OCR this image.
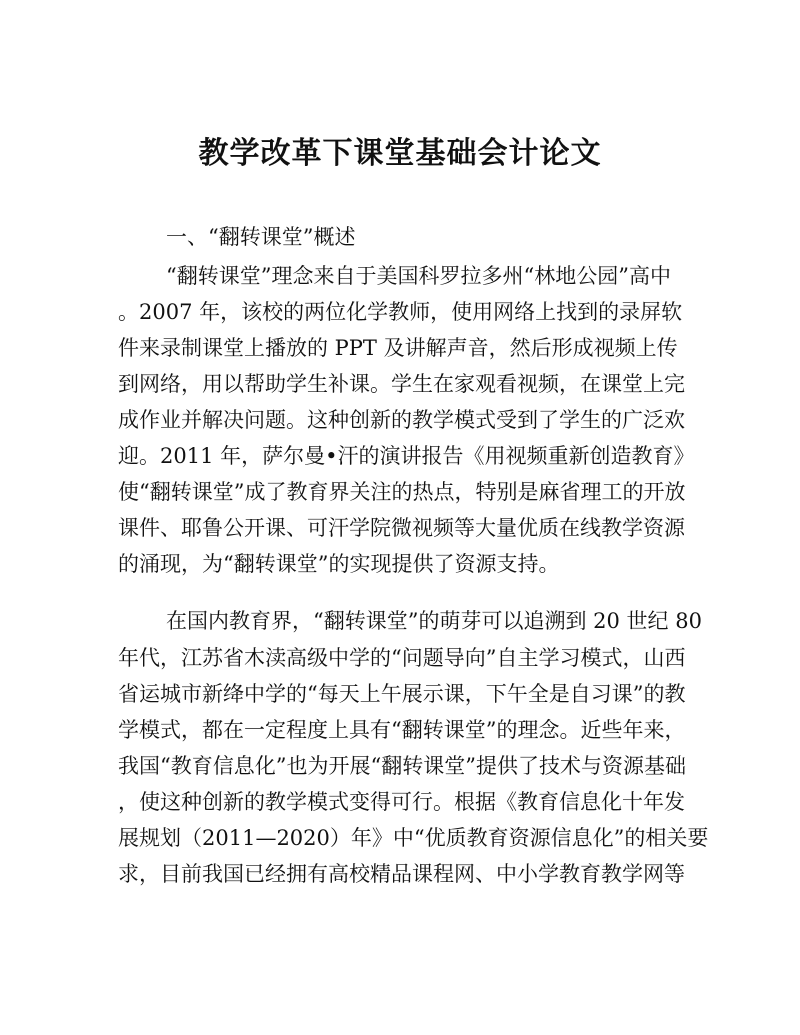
教学改革下课堂基础会计论文

一、“翻转课堂”概述

“翻转课堂”理念来自于美国科罗拉多州“林地公园”高中

。2007 年，该校的两位化学教师，使用网络上找到的录屏软

件来录制课堂上播放的 PPT 及讲解声音，然后形成视频上传

到网络，用以帮助学生补课。学生在家观看视频，在课堂上完

成作业并解决问题。这种创新的教学模式受到了学生的广泛欢

迎。2011 年，萨尔曼•汗的演讲报告《用视频重新创造教育》

使“翻转课堂”成了教育界关注的热点，特别是麻省理工的开放

课件、耶鲁公开课、可汗学院微视频等大量优质在线教学资源

的涌现，为“翻转课堂”的实现提供了资源支持。

在国内教育界，“翻转课堂”的萌芽可以追溯到 20 世纪 80

年代，江苏省木渎高级中学的“问题导向”自主学习模式，山西

省运城市新绛中学的“每天上午展示课，下午全是自习课”的教

学模式，都在一定程度上具有“翻转课堂”的理念。近些年来，

我国“教育信息化”也为开展“翻转课堂”提供了技术与资源基础

，使这种创新的教学模式变得可行。根据《教育信息化十年发

展规划（2011—2020）年》中“优质教育资源信息化”的相关要

求，目前我国已经拥有高校精品课程网、中小学教育教学网等
